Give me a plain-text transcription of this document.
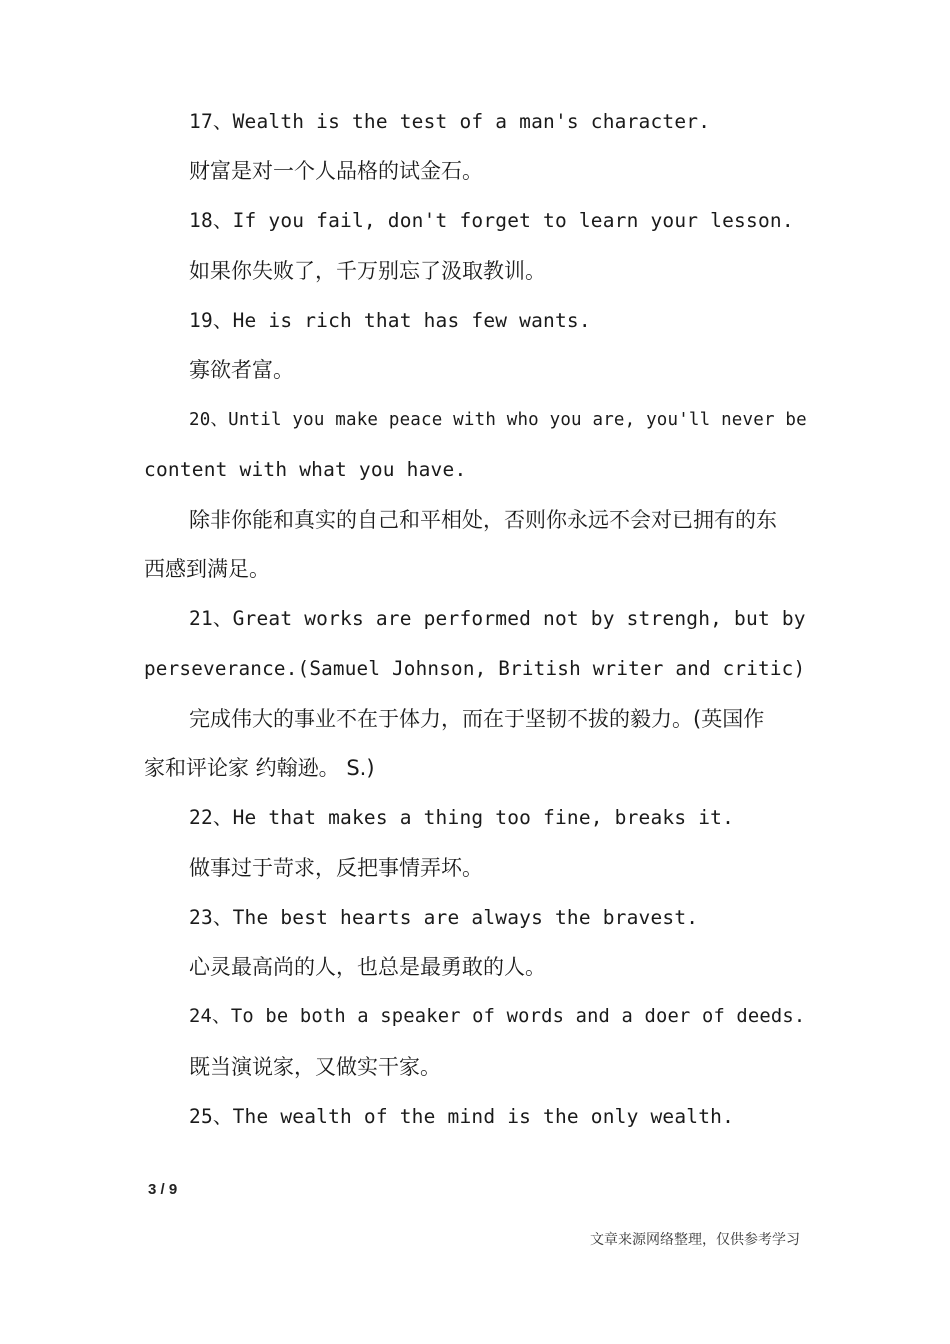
17、Wealth is the test of a man's character.
财富是对一个人品格的试金石。
18、If you fail, don't forget to learn your lesson.
如果你失败了，千万别忘了汲取教训。
19、He is rich that has few wants.
寡欲者富。
20、Until you make peace with who you are, you'll never be
content with what you have.
除非你能和真实的自己和平相处，否则你永远不会对已拥有的东
西感到满足。
21、Great works are performed not by strengh, but by
perseverance.(Samuel Johnson, British writer and critic)
完成伟大的事业不在于体力，而在于坚韧不拔的毅力。(英国作
家和评论家 约翰逊。 S.)
22、He that makes a thing too fine, breaks it.
做事过于苛求，反把事情弄坏。
23、The best hearts are always the bravest.
心灵最高尚的人，也总是最勇敢的人。
24、To be both a speaker of words and a doer of deeds.
既当演说家，又做实干家。
25、The wealth of the mind is the only wealth.
3 / 9
文章来源网络整理，仅供参考学习
